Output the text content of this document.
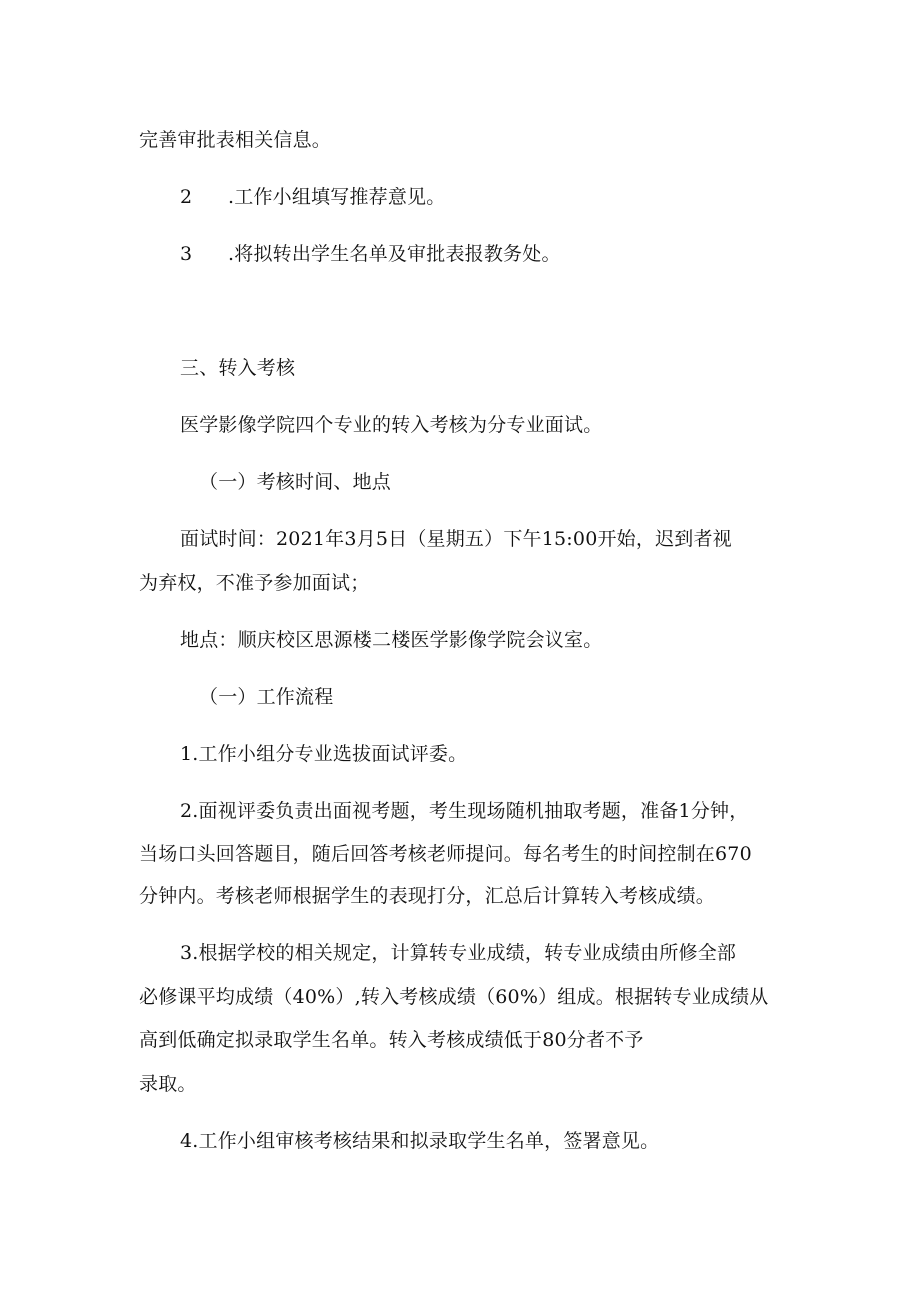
完善审批表相关信息。
2 .工作小组填写推荐意见。
3 .将拟转出学生名单及审批表报教务处。
三、转入考核
医学影像学院四个专业的转入考核为分专业面试。
（一）考核时间、地点
面试时间：2021年3月5日（星期五）下午15:00开始，迟到者视
为弃权，不准予参加面试；
地点：顺庆校区思源楼二楼医学影像学院会议室。
（一）工作流程
1.工作小组分专业选拔面试评委。
2.面视评委负责出面视考题，考生现场随机抽取考题，准备1分钟，
当场口头回答题目，随后回答考核老师提问。每名考生的时间控制在670
分钟内。考核老师根据学生的表现打分，汇总后计算转入考核成绩。
3.根据学校的相关规定，计算转专业成绩，转专业成绩由所修全部
必修课平均成绩（40%）,转入考核成绩（60%）组成。根据转专业成绩从
高到低确定拟录取学生名单。转入考核成绩低于80分者不予
录取。
4.工作小组审核考核结果和拟录取学生名单，签署意见。
